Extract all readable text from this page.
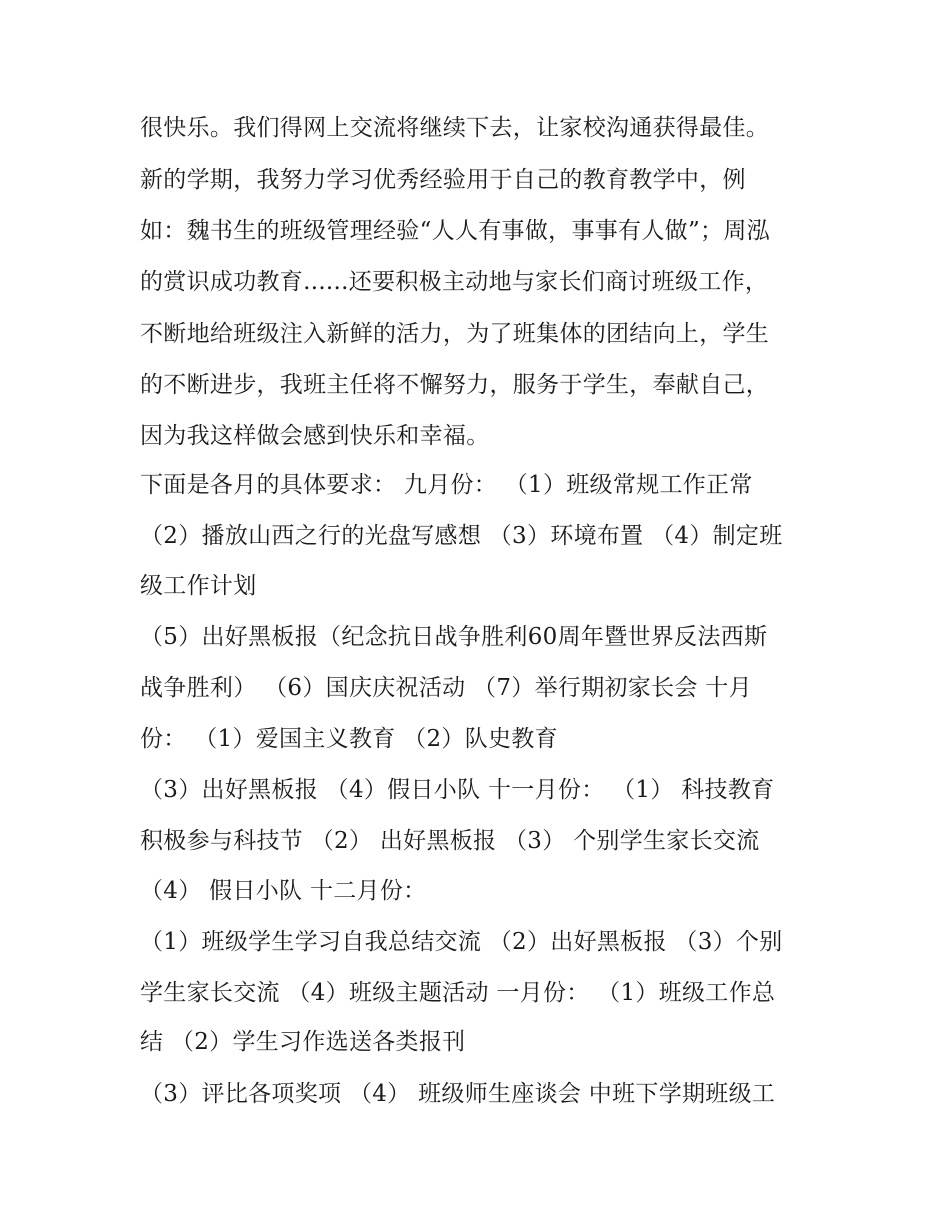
很快乐。我们得网上交流将继续下去，让家校沟通获得最佳。
新的学期，我努力学习优秀经验用于自己的教育教学中，例
如：魏书生的班级管理经验“人人有事做，事事有人做”；周泓
的赏识成功教育......还要积极主动地与家长们商讨班级工作，
不断地给班级注入新鲜的活力，为了班集体的团结向上，学生
的不断进步，我班主任将不懈努力，服务于学生，奉献自己，
因为我这样做会感到快乐和幸福。
下面是各月的具体要求： 九月份： （1）班级常规工作正常
（2）播放山西之行的光盘写感想 （3）环境布置 （4）制定班
级工作计划
（5）出好黑板报（纪念抗日战争胜利60周年暨世界反法西斯
战争胜利） （6）国庆庆祝活动 （7）举行期初家长会 十月
份： （1）爱国主义教育 （2）队史教育
（3）出好黑板报 （4）假日小队 十一月份： （1） 科技教育
积极参与科技节 （2） 出好黑板报 （3） 个别学生家长交流
（4） 假日小队 十二月份：
（1）班级学生学习自我总结交流 （2）出好黑板报 （3）个别
学生家长交流 （4）班级主题活动 一月份： （1）班级工作总
结 （2）学生习作选送各类报刊
（3）评比各项奖项 （4） 班级师生座谈会 中班下学期班级工
